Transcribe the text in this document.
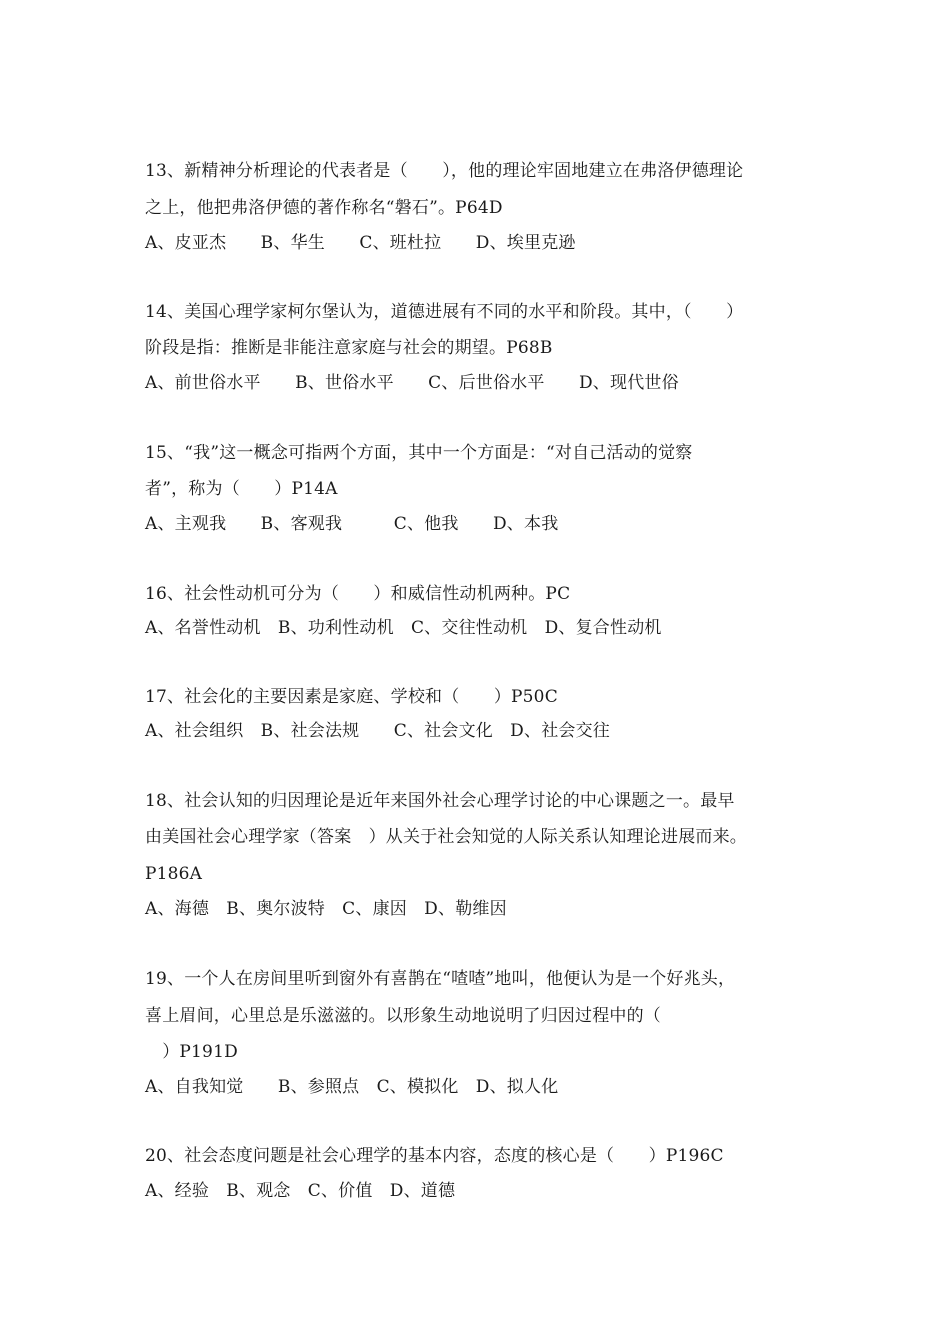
13、新精神分析理论的代表者是（　　），他的理论牢固地建立在弗洛伊德理论
之上，他把弗洛伊德的著作称名“磐石”。P64D
A、皮亚杰　　B、华生　　C、班杜拉　　D、埃里克逊
14、美国心理学家柯尔堡认为，道德进展有不同的水平和阶段。其中，（　　）
阶段是指：推断是非能注意家庭与社会的期望。P68B
A、前世俗水平　　B、世俗水平　　C、后世俗水平　　D、现代世俗
15、“我”这一概念可指两个方面，其中一个方面是：“对自己活动的觉察
者”，称为（　　）P14A
A、主观我　　B、客观我　　　C、他我　　D、本我
16、社会性动机可分为（　　）和威信性动机两种。PC
A、名誉性动机　B、功利性动机　C、交往性动机　D、复合性动机
17、社会化的主要因素是家庭、学校和（　　）P50C
A、社会组织　B、社会法规　　C、社会文化　D、社会交往
18、社会认知的归因理论是近年来国外社会心理学讨论的中心课题之一。最早
由美国社会心理学家（答案　）从关于社会知觉的人际关系认知理论进展而来。
P186A
A、海德　B、奥尔波特　C、康因　D、勒维因
19、一个人在房间里听到窗外有喜鹊在“喳喳”地叫，他便认为是一个好兆头，
喜上眉间，心里总是乐滋滋的。以形象生动地说明了归因过程中的（
　）P191D
A、自我知觉　　B、参照点　C、模拟化　D、拟人化
20、社会态度问题是社会心理学的基本内容，态度的核心是（　　）P196C
A、经验　B、观念　C、价值　D、道德
